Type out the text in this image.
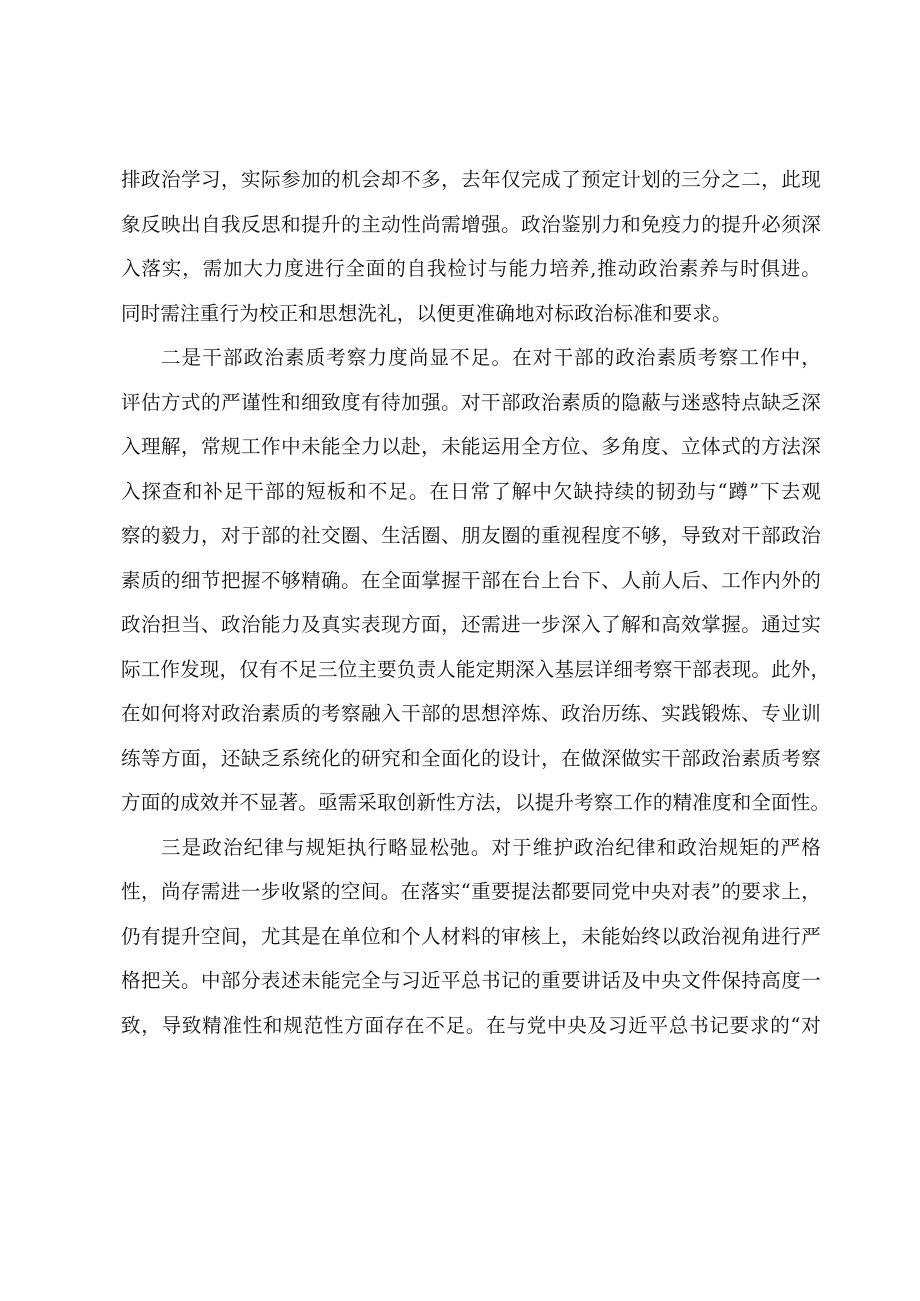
排政治学习，实际参加的机会却不多，去年仅完成了预定计划的三分之二，此现
象反映出自我反思和提升的主动性尚需增强。政治鉴别力和免疫力的提升必须深
入落实，需加大力度进行全面的自我检讨与能力培养,推动政治素养与时俱进。
同时需注重行为校正和思想洗礼，以便更准确地对标政治标准和要求。
二是干部政治素质考察力度尚显不足。在对干部的政治素质考察工作中，
评估方式的严谨性和细致度有待加强。对干部政治素质的隐蔽与迷惑特点缺乏深
入理解，常规工作中未能全力以赴，未能运用全方位、多角度、立体式的方法深
入探查和补足干部的短板和不足。在日常了解中欠缺持续的韧劲与“蹲”下去观
察的毅力，对于部的社交圈、生活圈、朋友圈的重视程度不够，导致对干部政治
素质的细节把握不够精确。在全面掌握干部在台上台下、人前人后、工作内外的
政治担当、政治能力及真实表现方面，还需进一步深入了解和高效掌握。通过实
际工作发现，仅有不足三位主要负责人能定期深入基层详细考察干部表现。此外，
在如何将对政治素质的考察融入干部的思想淬炼、政治历练、实践锻炼、专业训
练等方面，还缺乏系统化的研究和全面化的设计，在做深做实干部政治素质考察
方面的成效并不显著。亟需采取创新性方法，以提升考察工作的精准度和全面性。
三是政治纪律与规矩执行略显松弛。对于维护政治纪律和政治规矩的严格
性，尚存需进一步收紧的空间。在落实“重要提法都要同党中央对表”的要求上，
仍有提升空间，尤其是在单位和个人材料的审核上，未能始终以政治视角进行严
格把关。中部分表述未能完全与习近平总书记的重要讲话及中央文件保持高度一
致，导致精准性和规范性方面存在不足。在与党中央及习近平总书记要求的“对
